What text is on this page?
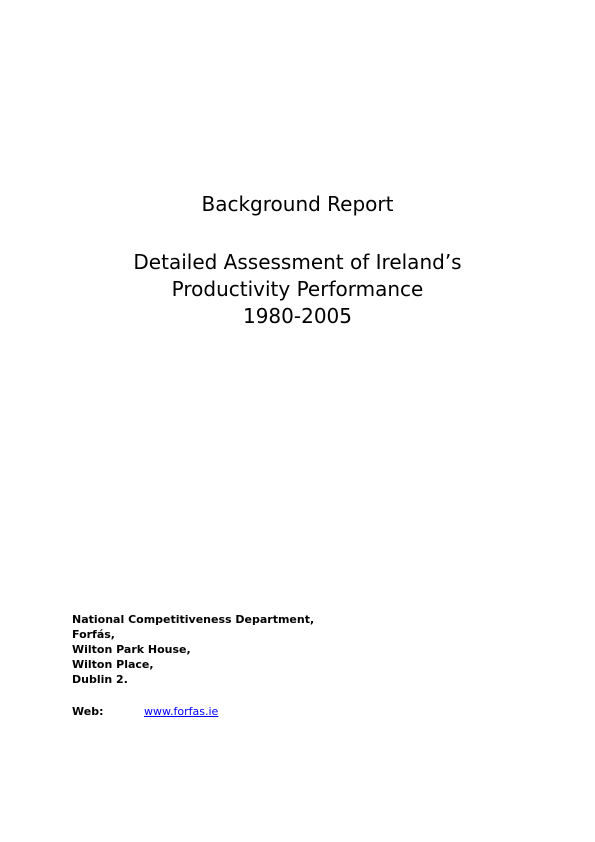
Background Report
Detailed Assessment of Ireland’s
Productivity Performance
1980-2005
National Competitiveness Department,
Forfás,
Wilton Park House,
Wilton Place,
Dublin 2.
Web:	www.forfas.ie
